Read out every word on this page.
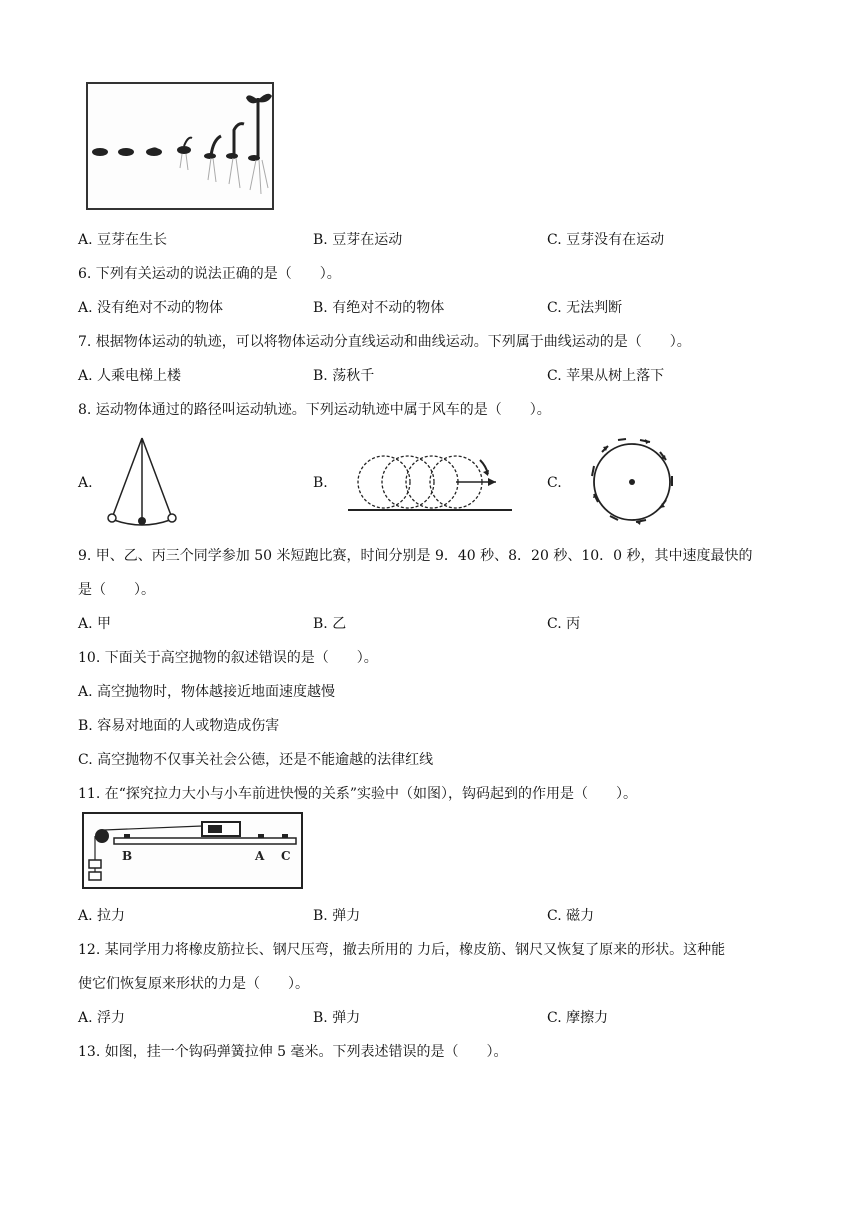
A. 豆芽在生长	B. 豆芽在运动	C. 豆芽没有在运动
6. 下列有关运动的说法正确的是（　　）。
A. 没有绝对不动的物体	B. 有绝对不动的物体	C. 无法判断
7. 根据物体运动的轨迹，可以将物体运动分直线运动和曲线运动。下列属于曲线运动的是（　　）。
A. 人乘电梯上楼	B. 荡秋千	C. 苹果从树上落下
8. 运动物体通过的路径叫运动轨迹。下列运动轨迹中属于风车的是（　　）。
A.	B.	C.
9. 甲、乙、丙三个同学参加 50 米短跑比赛，时间分别是 9．40 秒、8．20 秒、10．0 秒，其中速度最快的
是（　　）。
A. 甲	B. 乙	C. 丙
10. 下面关于高空抛物的叙述错误的是（　　）。
A. 高空抛物时，物体越接近地面速度越慢
B. 容易对地面的人或物造成伤害
C. 高空抛物不仅事关社会公德，还是不能逾越的法律红线
11. 在“探究拉力大小与小车前进快慢的关系”实验中（如图），钩码起到的作用是（　　）。
B	A C
A. 拉力	B. 弹力	C. 磁力
12. 某同学用力将橡皮筋拉长、钢尺压弯，撤去所用的 力后，橡皮筋、钢尺又恢复了原来的形状。这种能
使它们恢复原来形状的力是（　　）。
A. 浮力	B. 弹力	C. 摩擦力
13. 如图，挂一个钩码弹簧拉伸 5 毫米。下列表述错误的是（　　）。
